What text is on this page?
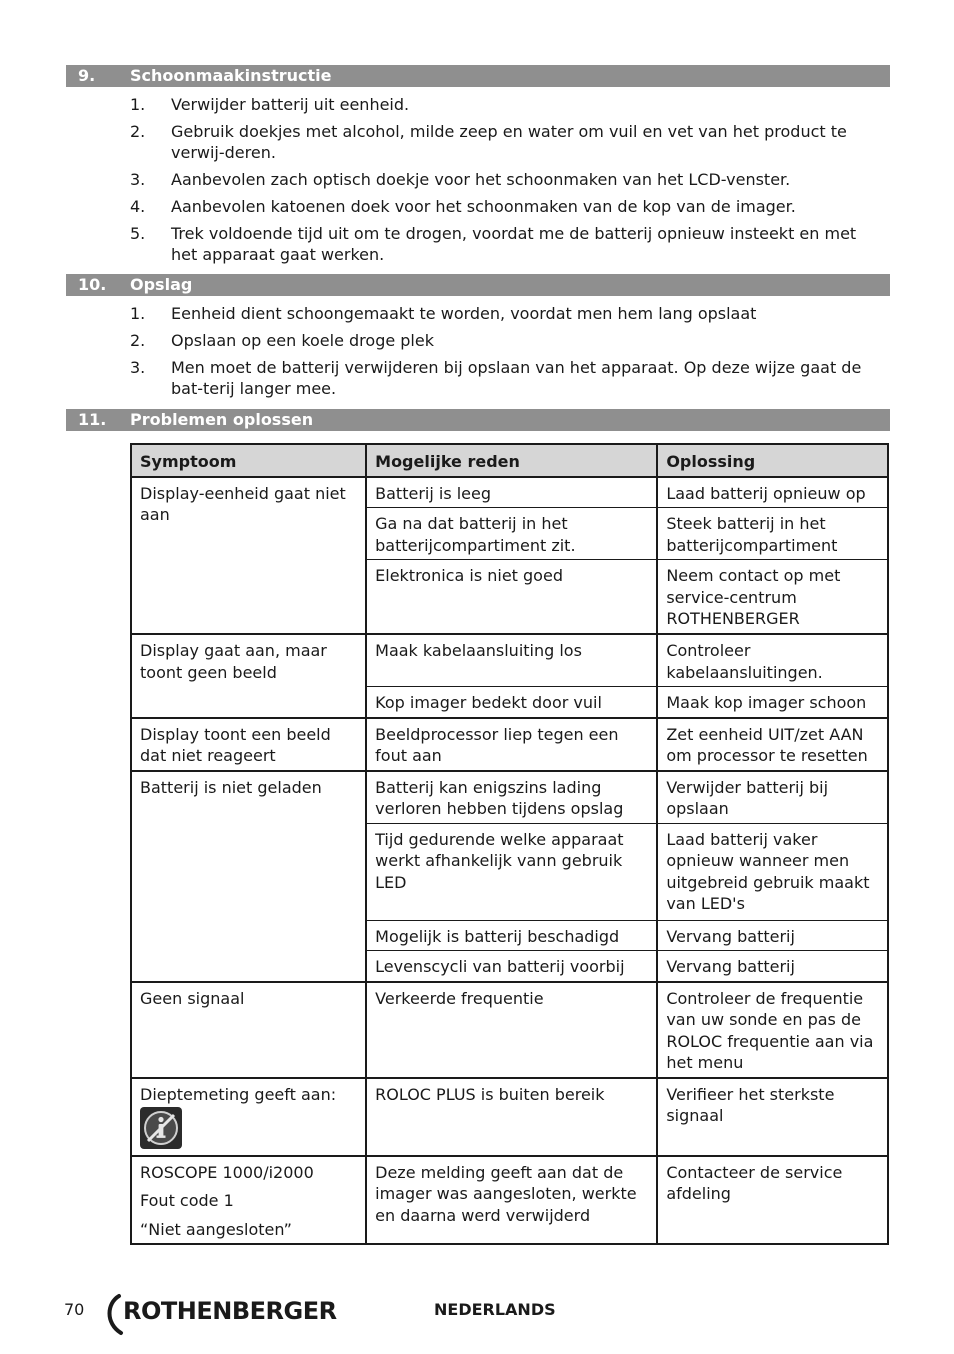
9. Schoonmaakinstructie
1. Verwijder batterij uit eenheid.
2. Gebruik doekjes met alcohol, milde zeep en water om vuil en vet van het product te verwij-deren.
3. Aanbevolen zach optisch doekje voor het schoonmaken van het LCD-venster.
4. Aanbevolen katoenen doek voor het schoonmaken van de kop van de imager.
5. Trek voldoende tijd uit om te drogen, voordat me de batterij opnieuw insteekt en met het apparaat gaat werken.
10. Opslag
1. Eenheid dient schoongemaakt te worden, voordat men hem lang opslaat
2. Opslaan op een koele droge plek
3. Men moet de batterij verwijderen bij opslaan van het apparaat. Op deze wijze gaat de bat-terij langer mee.
11. Problemen oplossen
Symptoom	Mogelijke reden	Oplossing
Display-eenheid gaat niet aan	Batterij is leeg	Laad batterij opnieuw op
	Ga na dat batterij in het batterijcompartiment zit.	Steek batterij in het batterijcompartiment
	Elektronica is niet goed	Neem contact op met service-centrum ROTHENBERGER
Display gaat aan, maar toont geen beeld	Maak kabelaansluiting los	Controleer kabelaansluitingen.
	Kop imager bedekt door vuil	Maak kop imager schoon
Display toont een beeld dat niet reageert	Beeldprocessor liep tegen een fout aan	Zet eenheid UIT/zet AAN om processor te resetten
Batterij is niet geladen	Batterij kan enigszins lading verloren hebben tijdens opslag	Verwijder batterij bij opslaan
	Tijd gedurende welke apparaat werkt afhankelijk vann gebruik LED	Laad batterij vaker opnieuw wanneer men uitgebreid gebruik maakt van LED's
	Mogelijk is batterij beschadigd	Vervang batterij
	Levenscycli van batterij voorbij	Vervang batterij
Geen signaal	Verkeerde frequentie	Controleer de frequentie van uw sonde en pas de ROLOC frequentie aan via het menu
Dieptemeting geeft aan:	ROLOC PLUS is buiten bereik	Verifieer het sterkste signaal

ROSCOPE 1000/i2000
Fout code 1
“Niet aangesloten”	Deze melding geeft aan dat de imager was aangesloten, werkte en daarna werd verwijderd	Contacteer de service afdeling
70 ROTHENBERGER	NEDERLANDS
